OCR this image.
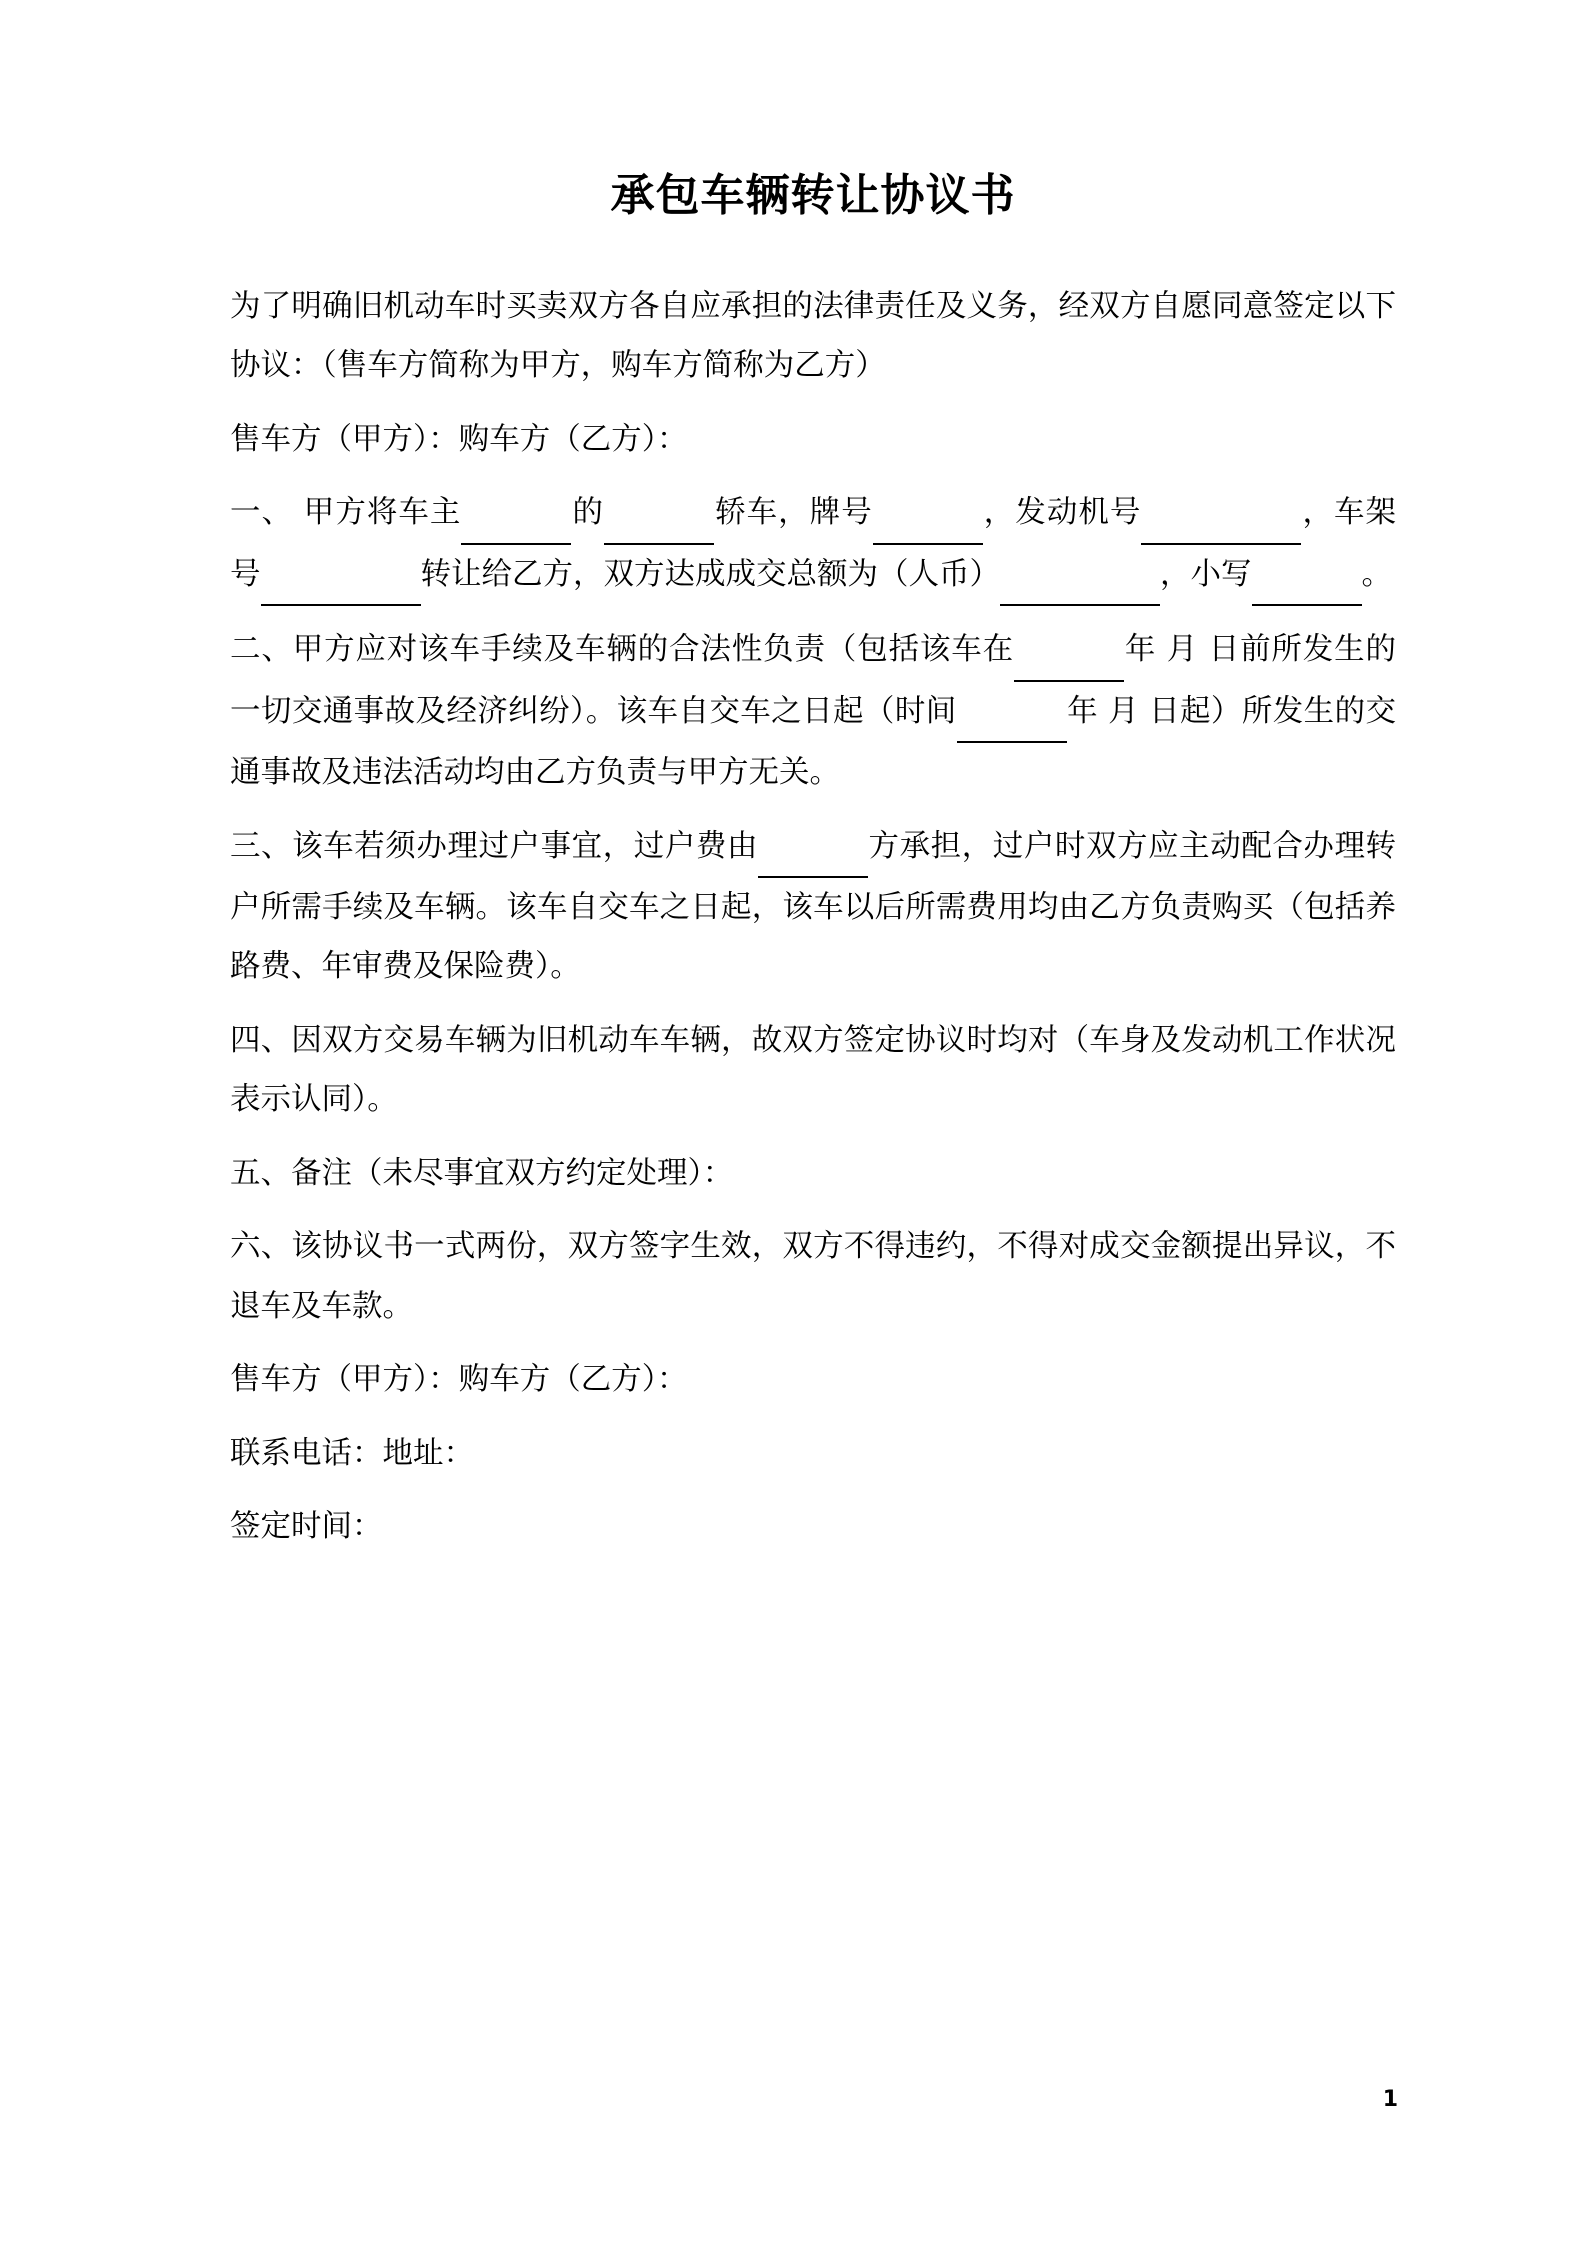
承包车辆转让协议书
为了明确旧机动车时买卖双方各自应承担的法律责任及义务，经双方自愿同意签定以下协议：（售车方简称为甲方，购车方简称为乙方）
售车方（甲方）：购车方（乙方）：
一、 甲方将车主	的	轿车，牌号	，发动机号	，车架号	转让给乙方，双方达成成交总额为（人币）	，小写	。
二、甲方应对该车手续及车辆的合法性负责（包括该车在	年 月 日前所发生的一切交通事故及经济纠纷）。该车自交车之日起（时间	年 月 日起）所发生的交通事故及违法活动均由乙方负责与甲方无关。
三、该车若须办理过户事宜，过户费由	方承担，过户时双方应主动配合办理转户所需手续及车辆。该车自交车之日起，该车以后所需费用均由乙方负责购买（包括养路费、年审费及保险费）。
四、因双方交易车辆为旧机动车车辆，故双方签定协议时均对（车身及发动机工作状况表示认同）。
五、备注（未尽事宜双方约定处理）：
六、该协议书一式两份，双方签字生效，双方不得违约，不得对成交金额提出异议，不退车及车款。
售车方（甲方）：购车方（乙方）：
联系电话：地址：
签定时间：
1
